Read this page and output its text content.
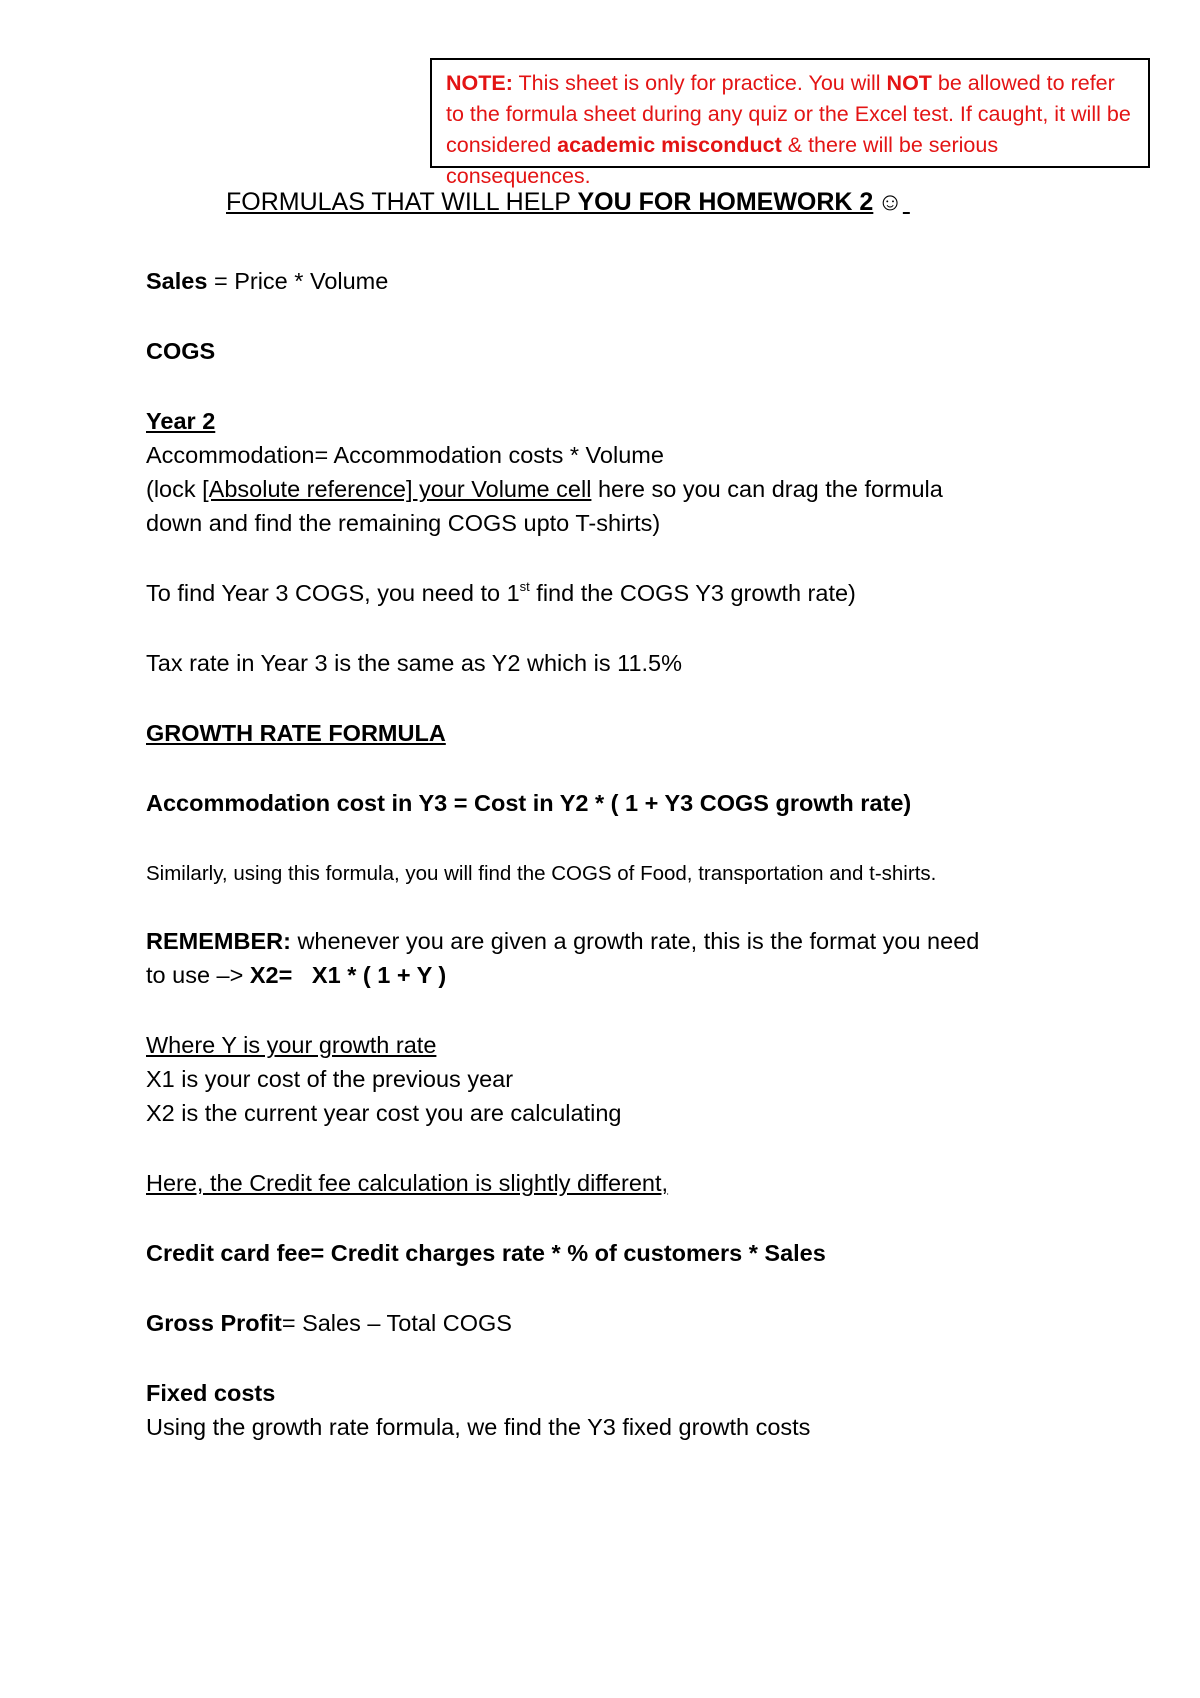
NOTE: This sheet is only for practice. You will NOT be allowed to refer to the formula sheet during any quiz or the Excel test. If caught, it will be considered academic misconduct & there will be serious consequences.
FORMULAS THAT WILL HELP YOU FOR HOMEWORK 2 ☺
Sales = Price * Volume
COGS
Year 2
Accommodation= Accommodation costs * Volume
(lock [Absolute reference] your Volume cell here so you can drag the formula
down and find the remaining COGS upto T-shirts)
To find Year 3 COGS, you need to 1st find the COGS Y3 growth rate)
Tax rate in Year 3 is the same as Y2 which is 11.5%
GROWTH RATE FORMULA
Accommodation cost in Y3 = Cost in Y2 * ( 1 + Y3 COGS growth rate)
Similarly, using this formula, you will find the COGS of Food, transportation and t-shirts.
REMEMBER: whenever you are given a growth rate, this is the format you need
to use –> X2=   X1 * ( 1 + Y )
Where Y is your growth rate
X1 is your cost of the previous year
X2 is the current year cost you are calculating
Here, the Credit fee calculation is slightly different,
Credit card fee= Credit charges rate * % of customers * Sales
Gross Profit= Sales – Total COGS
Fixed costs
Using the growth rate formula, we find the Y3 fixed growth costs
